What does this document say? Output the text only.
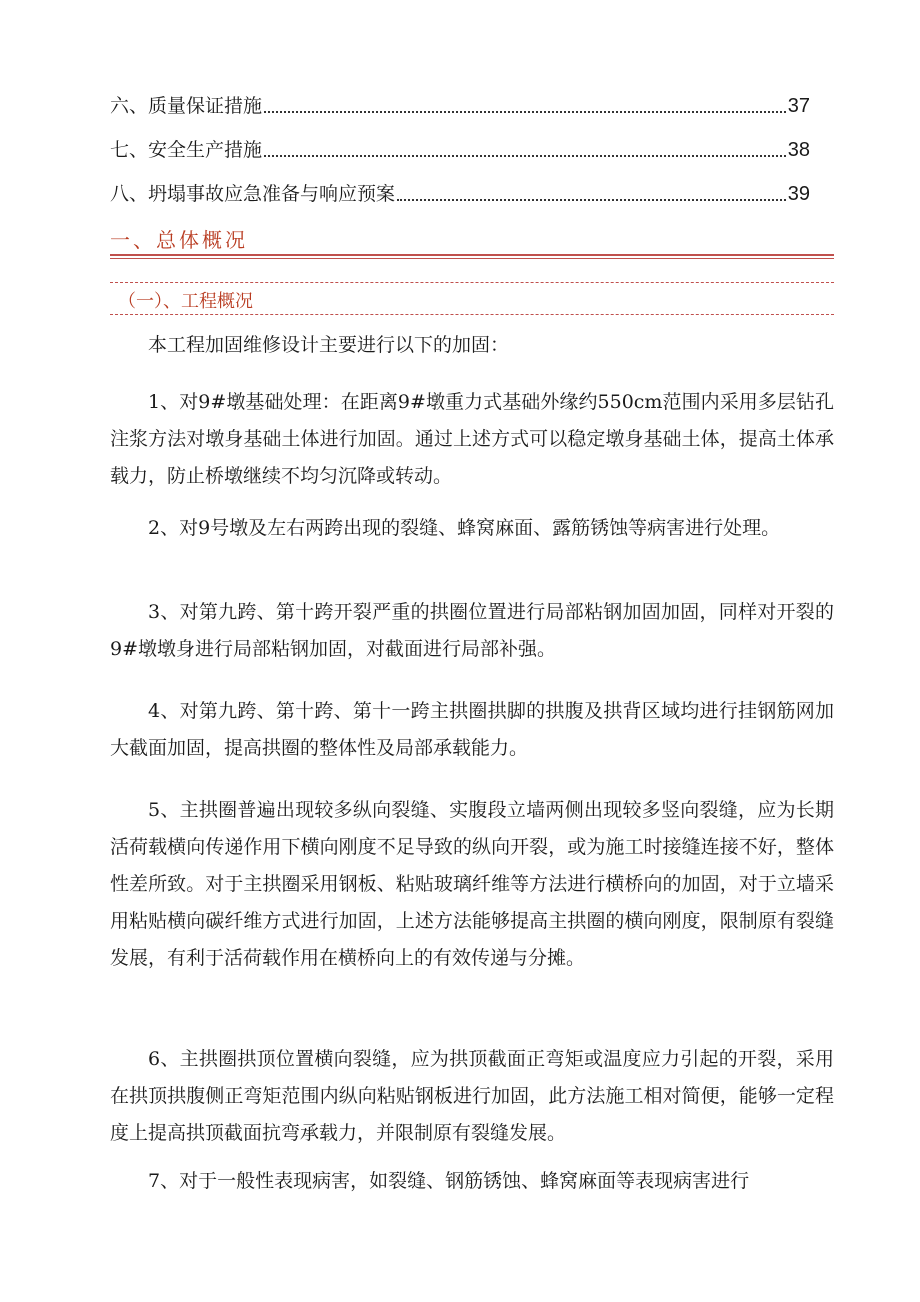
六、质量保证措施	37
七、安全生产措施	38
八、坍塌事故应急准备与响应预案	39
一、总体概况
（一）、工程概况

本工程加固维修设计主要进行以下的加固：

1、对9#墩基础处理：在距离9#墩重力式基础外缘约550cm范围内采用多层钻孔注浆方法对墩身基础土体进行加固。通过上述方式可以稳定墩身基础土体，提高土体承载力，防止桥墩继续不均匀沉降或转动。

2、对9号墩及左右两跨出现的裂缝、蜂窝麻面、露筋锈蚀等病害进行处理。

3、对第九跨、第十跨开裂严重的拱圈位置进行局部粘钢加固加固，同样对开裂的9#墩墩身进行局部粘钢加固，对截面进行局部补强。

4、对第九跨、第十跨、第十一跨主拱圈拱脚的拱腹及拱背区域均进行挂钢筋网加大截面加固，提高拱圈的整体性及局部承载能力。

5、主拱圈普遍出现较多纵向裂缝、实腹段立墙两侧出现较多竖向裂缝，应为长期活荷载横向传递作用下横向刚度不足导致的纵向开裂，或为施工时接缝连接不好，整体性差所致。对于主拱圈采用钢板、粘贴玻璃纤维等方法进行横桥向的加固，对于立墙采用粘贴横向碳纤维方式进行加固，上述方法能够提高主拱圈的横向刚度，限制原有裂缝发展，有利于活荷载作用在横桥向上的有效传递与分摊。

6、主拱圈拱顶位置横向裂缝，应为拱顶截面正弯矩或温度应力引起的开裂，采用在拱顶拱腹侧正弯矩范围内纵向粘贴钢板进行加固，此方法施工相对简便，能够一定程度上提高拱顶截面抗弯承载力，并限制原有裂缝发展。

7、对于一般性表现病害，如裂缝、钢筋锈蚀、蜂窝麻面等表现病害进行
